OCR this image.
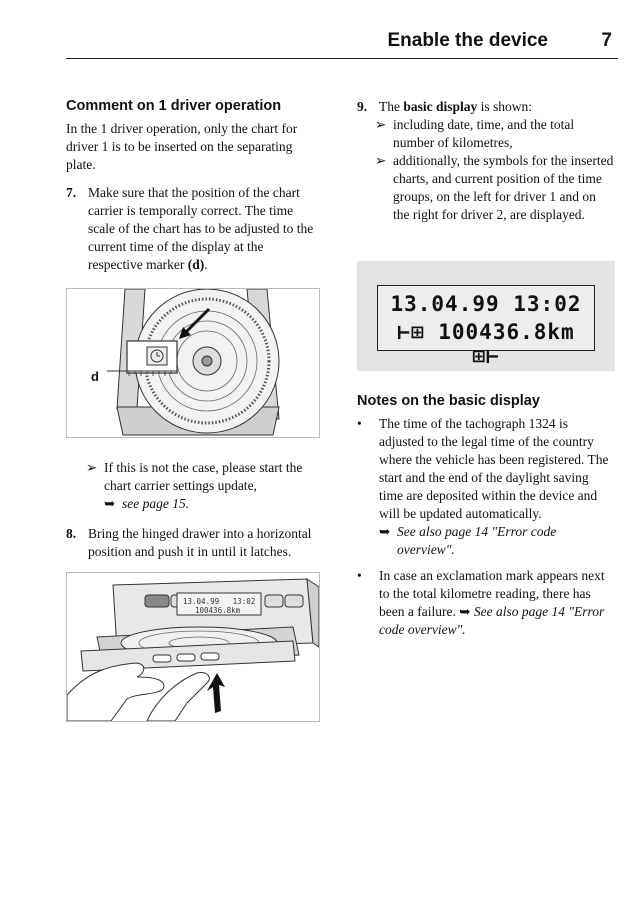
Enable the device	7
Comment on 1 driver operation

In the 1 driver operation, only the chart for driver 1 is to be inserted on the separating plate.

7. Make sure that the position of the chart carrier is temporally correct. The time scale of the chart has to be adjusted to the current time of the display at the respective marker (d).
d
➢ If this is not the case, please start the chart carrier settings update,
➥ see page 15.
8. Bring the hinged drawer into a horizontal position and push it in until it latches.
13.04.99   13:02
100436.8km
9. The basic display is shown:
➢ including date, time, and the total number of kilometres,
➢ additionally, the symbols for the inserted charts, and current position of the time groups, on the left for driver 1 and on the right for driver 2, are displayed.
13.04.99 13:02
⊢⊞ 100436.8km ⊞⊢
Notes on the basic display
•	The time of the tachograph 1324 is adjusted to the legal time of the country where the vehicle has been registered. The start and the end of the daylight saving time are deposited within the device and will be updated automatically.
➥ See also page 14 "Error code overview".
•	In case an exclamation mark appears next to the total kilometre reading, there has been a failure. ➥ See also page 14 "Error code overview".
